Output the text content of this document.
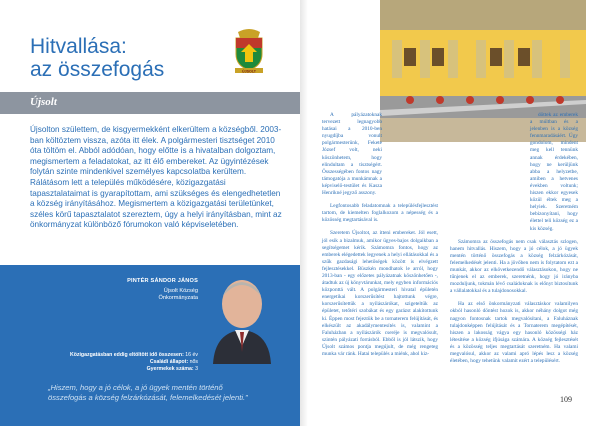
Hitvallása:
az összefogás	ÚJSOLT
Újsolt

Újsolton születtem, de kisgyermekként elkerültem a községből. 2003-ban költöztem vissza, azóta itt élek. A polgármesteri tisztséget 2010 óta töltöm el. Abból adódóan, hogy előtte is a hivatalban dolgoztam, megismertem a feladatokat, az itt élő embereket. Az ügyintézések folytán szinte mindenkivel személyes kapcsolatba kerültem. Rálátásom lett a település működésére, közigazgatási tapasztalataimat is gyarapítottam, ami szükséges és elengedhetetlen a község irányításához. Megismertem a közigazgatási területünket, széles körű tapasztalatot szereztem, úgy a helyi irányításban, mint az önkormányzat különböző fórumokon való képviseletében.

PINTÉR SÁNDOR JÁNOS
Újsolt Község
Önkormányzata
Közigazgatásban eddig eltöltött idő összesen: 16 év
Családi állapot: nős
Gyermekek száma: 3
„Hiszem, hogy a jó célok, a jó ügyek mentén történő összefogás a község felzárkózását, felemelkedését jelenti.”

A pályázatoknak tervezett legnagyobb hatásai a 2010-ben nyugdíjba vonult polgármesterünk, Fekete József volt, neki köszönhetem, hogy elindultam a tisztségért. Összességében fontos nagy támogatója a munkámnak a képviselő-testület és Kasza Henrikné jegyző asszony.

Legfontosabb feladatomnak a településfejlesztést tartom, de kiemelten foglalkozom a népesség és a közösség megtartásával is.

Szeretem Újsoltot, az itteni embereket. Jól esett, jól esik a bizalmuk, amikor ügyes-bajos dolgaikban a segítségemet kérik. Számomra fontos, hogy az emberek elégedettek legyenek a helyi ellátásokkal és a szűk gazdasági lehetőségek között is elvégzett fejlesztésekkel. Büszkén mondhatok le arról, hogy 2013-ban - egy előzetes pályázatnak köszönhetően -, átadtuk az új könyvtárunkat, mely egyben információs központtá vált. A polgármesteri hivatal épületén energetikai korszerűsítést hajtottunk végre, korszerűsítettük a nyílászárókat, szigeteltük az épületet, tetőtéri szobákat és egy garázst alakítottunk ki. Éppen most fejeztük be a tornaterem felújítását, és elkészült az akadálymentesítés is, valamint a Faluházban a nyílászárók cseréje is megvalósult, szintén pályázati forrásból. Ebből is jól látszik, hogy Újsolt számos pontja megújult, de még rengeteg munka vár ránk. Hatai település a miénk, ahol kiz-

döttek az emberek a múltban és a jelenben is a község fennmaradásáért. Úgy gondolom, mindent meg kell tennünk annak érdekében, hogy ne kerüljünk abba a helyzetbe, amiben a hetvenes években voltunk; hiszen ekkor egyesek közül éltek meg a helyiek. Szeretném bebizonyítani, hogy élettel teli község ez a kis község.

Számomra az összefogás nem csak választás szlogen, hanem hitvallás. Hiszem, hogy a jó célok, a jó ügyek mentén történő összefogás a község felzárkózását, felemelkedését jelenti. Ha a jövőben nem is folytatom ezt a munkát, akkor az elkövetkezendő választásokon, hogy ne tűnjenek el az emberek, szeretnénk, hogy jó irányba mozduljunk, tokmán lévő családoknak is előnyt biztosítunk a vállalatokkal és a tulajdonosokkal.

Ha az első önkormányzati választáskor valamilyen okból hasonló döntést hozok is, akkor néhány dolgot még nagyon fontosnak tartok megvalósítani, a Faluháznak tulajdonképpen felújítását és a Tornaterem megépítését, hiszen a lakosság vágya egy hasonló közösségi ház létesítése a község ifjúsága számára. A község fejlesztését és a közösség teljes megtartását szeretném. Ha valami megvalósul, akkor az valami apró lépés lesz a község életében, hogy tehetünk valamit ezért a településért.

109
